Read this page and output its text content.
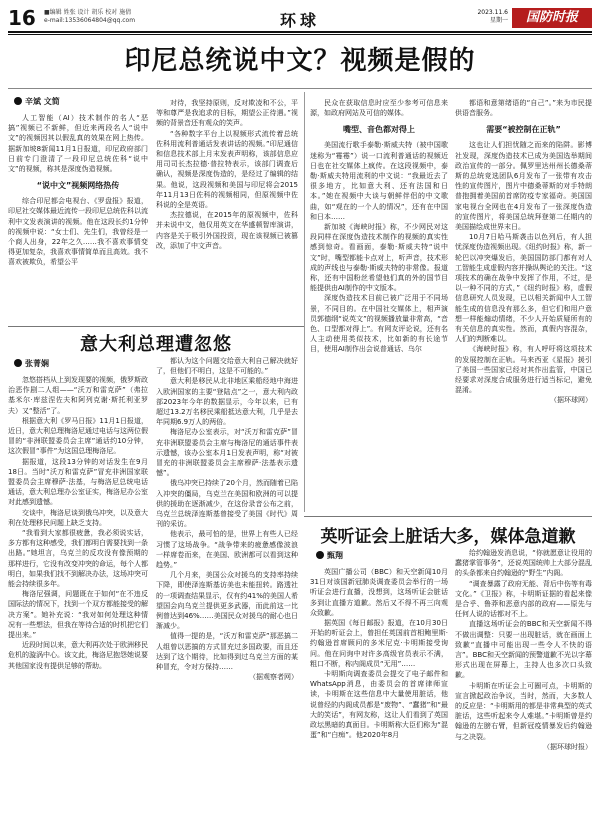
16 ■编辑 姓张 设计 胡乐 校对 施倩
e-mail:13536064804@qq.com	环球	2023.11.6
星期一	国防时报
印尼总统说中文？视频是假的
辛斌 文简

人工智能（AI）技术制作的名人“恶搞”视频已不新鲜，但近来两段名人“说中文”的视频因其以假乱真的效果在网上热传。据新加坡8新闻11月1日报道，印尼政府部门日前专门澄清了一段印尼总统佐科“说中文”的视频，称其是深度伪造视频。

“说中文”视频网络热传

综合印尼都会电视台、《罗盘报》报道，印尼社交媒体最近流传一段印尼总统佐科以流利中文发表演讲的视频。他在这段长约1分钟的视频中说：“女士们、先生们，我曾经是一个商人出身，22年之久……我不喜欢事情变得更加复杂，我喜欢事情简单而且高效。我不喜欢被欺负，希望公平

对待，我坚持原则，反对欺凌和不公，平等和尊严是我追求的目标，期望公正待遇。”视频的背景音还有观众的笑声。

“各种数字平台上以视频形式流传着总统佐科用流利普通话发表讲话的视频。”印尼通信和信息技术部上月末发表声明称，该部信息应用司司长杰拉德·普拉特表示，该部门调查后确认，视频是深度伪造的，是经过了编辑的结果。他说，这段视频和美国与印尼将会2015年11月13日佐科的视频相同，但原视频中佐科说的全是英语。

杰拉德说，在2015年的原视频中，佐科并未说中文，他仅用英文在华盛顿智库演讲，内容是关于吸引外国投资，现在该视频已被篡改，添加了中文声音。

民众在获取信息时应至少参考可信息来源，如政府网站及可信的媒体。

嘴型、音色都对得上

美国流行歌手泰勒·斯威夫特（被中国歌迷称为“霉霉”）说一口流利普通话的视频近日也在社交媒体上疯传。在这段视频中，泰勒·斯威夫特用流利的中文说：“我最近去了很多地方，比如意大利、还有法国和日本。”她在视频中大谈与朝鲜伴侣的中文歌曲，如“观在的一个人的情况”，还有在中国和日本……

新加坡《海峡时报》称，不少网民对这段同样在深度伪造技术制作的视频的真实性感到惊奇。看画面，泰勒·斯威夫特“说中文”时，嘴型都能卡点对上，听声音，技术形成的声线也与泰勒·斯威夫特的非常像。报道称，还有中国粉丝希望他们真的外的国节目能提供由AI制作的中文版本。

深度伪造技术目前已被广泛用于不同场景，不同目的。在中国社交媒体上，相声演员郭德纲“说英文”的视频播放量非常高，“音色、口型都对得上”。有网友评论说，还有名人主动使用类似技术，比如新的有长途节目，使用AI制作出会说普通话、乌尔

都语和意第绪语的“自己”。”来为市民提供语音服务。

需要“被控制在正轨”

这也让人们担忧随之而来的陷阱。影博社发现，深度伪造技术已成为美国选举期间政治宣传的一部分。佩罗里达州州长德桑蒂斯的总统竞选团队6月发布了一张带有攻击性的宣传图片，图片中德桑蒂斯的对手特朗普抱拥着美国前首席防疫专家福奇。美国国家电视台全网也在4月发布了一张深度伪造的宣传图片，将美国总统拜登第二任期内的美国描绘成世界末日。

10月7日哈马斯袭击以色列后，有人担忧深度伪造视频出现。《纽约时报》称，新一轮巴以冲突爆发后，美国国防部门都有对人工智能生成虚假内容并操纵舆论的关注。“这项技术的确在战争中发挥了作用，不过，是以一种不同的方式，”《纽约时报》称，虚假信息研究人员发现，已以相关新闻中人工智能生成的信息没有那么多，但它们和用户意想一样能煽动情绪，不少人开始质疑所有的有关信息的真实性。然而，真假内容混杂，人们的判断难以。

《海峡时报》称，有人呼吁将这项技术的发展控制在正轨。马来西亚《星报》援引了美国一些国家已经对其作出监管，中国已经要求对深度合成服务进行适当标记，避免混淆。

（据环球网）
意大利总理遭忽悠
张菁娴

忽悠搭档从上到发现要的视频，俄罗斯政治恶作剧二人组——“沃万和雷克萨”（弗拉基米尔·库兹涅佐夫和阿列克谢·斯托利亚罗夫）又“整活”了。

根据意大利《罗马日报》11月1日报道，近日，意大利总理梅洛尼通过电话与这两位假冒的“非洲联盟委员会主席”通话约10分钟，这次假冒“事件”为这国总理梅洛尼。

据报道，这段13分钟的对话发生在9月18日。当时“沃万和雷克萨”冒充非洲国家联盟委员会主席穆萨·法基，与梅洛尼总统电话通话，意大利总理办公室证实，梅洛尼办公室对此感到遗憾。

交谈中，梅洛尼谈到俄乌冲突，以及意大利在处理移民问题上缺乏支持。

“我看到大家都很疲惫，我必须说实话，多方都有这种感受，我们都明白需要找到一条出路。”她坦言，乌克兰的反攻没有像预期的那样进行，它没有改变冲突的命运，每个人都明白，如果我们找不到解决办法，这场冲突可能会持续很多年。

梅洛尼强调，问题既在于如何“在不违反国际法的情况下，找到一个双方都能接受的解决方案”。她补充说：“我对如何处理这种情况有一些想法，但我在等待合适的时机把它们提出来。”

近段时间以来，意大利再次处于欧洲移民危机的漩涡中心。该文此，梅洛尼抱怨她说要其他国家没有提供足够的帮助。

都认为这个问题交给意大利自己解决就好了，但他们不明白，这是不可能的。”

意大利是移民从北非地区乘船经地中海进入欧洲国家的主要“登陆点”之一，意大利内政部2023年今年的数据显示，今年以来，已有超过13.2万名移民乘船抵达意大利，几乎是去年同期6.9万人的两倍。

梅洛尼办公室表示，对“沃万和雷克萨”冒充非洲联盟委员会主席与梅洛尼的通话事件表示遗憾，该办公室本月1日发表声明，称“对被冒充的非洲联盟委员会主席穆萨·法基表示遗憾”。

俄乌冲突已持续了20个月，然而随着已陷入冲突的僵局，乌克兰在美国和欧洲的可以提供的援助在逐渐减少，在这份录音公布之前，乌克兰总统泽连斯基曾接受了美国《时代》周刊的采访。

他表示，最可怕的是，世界上有些人已经习惯了这场战争。“战争带来的疲惫感像波浪一样席卷而来，在美国、欧洲都可以看到这种趋势。”

几个月来，美国公众对援乌的支持率持续下降，即使泽连斯基访美也未能扭转。路透社的一项调查结果显示，仅有约41%的美国人希望国会向乌克兰提供更多武器，而此前这一比例曾达到46%……美国民众对援乌的耐心也日渐减少。

值得一提的是，“沃万和雷克萨”那恶搞二人组曾以恶搞的方式冒充过多国政要，而且还达到了这个期待，比如得到过乌克兰方面的某种冒充，令对方保持……

（据观察者网）
英听证会上脏话大多，媒体急道歉
甄翔

英国广播公司（BBC）和天空新闻10月31日对该国新冠肺炎调查委员会举行的一场听证会进行直播，没想到，这场听证会脏话多到让直播方道歉。然后又不得不再三向观众致歉。

据英国《每日邮报》报道，在10月30日开始的听证会上，曾担任英国前首相鲍里斯·约翰逊首席顾问的多米尼克·卡明斯接受询问。他在问询中对许多高级官员表示不满，粗口不断，称内阁成员“无用”……

卡明斯向调查委员会提交了电子邮件和WhatsApp消息，由委员会的首席律师宣读，卡明斯在这些信息中大量使用脏话，他说曾经的内阁成员都是“废物”、“蠢猪”和“最大的笑话”，有网友称，这让人们看到了英国政坛黑暗的真面目。卡明斯称大臣们称为“混蛋”和“白痴”。他2020年8月

给约翰逊发消息说，“你就愿意让役用的蠢猪掌管事务”，还说英国统帅上大部分混乱的头条都来自约翰逊的“野生”内阁。

“调查暴露了政府无能、背后中伤等有毒文化。”《卫报》称，卡明斯证据的看起来像是合乎、鲁莽和恶意内部的政府——原先与任何人说的话都对不上。

直播这场听证会的BBC和天空新闻不得不做出调整：只要一出现脏话，就在画面上致歉“直播中可能出现一些令人不快的语言”。BBC和天空新闻的预警道歉不光以字幕形式出现在屏幕上，主持人也多次口头致歉。

卡明斯在听证会上可圈可点，卡明斯的宣言掀起政治争议，当时，然而，大多数人的反应是：“卡明斯用的都是非常典型的英式脏话，这些听起来令人难堪。”卡明斯曾是约翰逊的左膀右臂，但新冠疫情暴发后约翰逊与之决裂。

（据环球时报）
